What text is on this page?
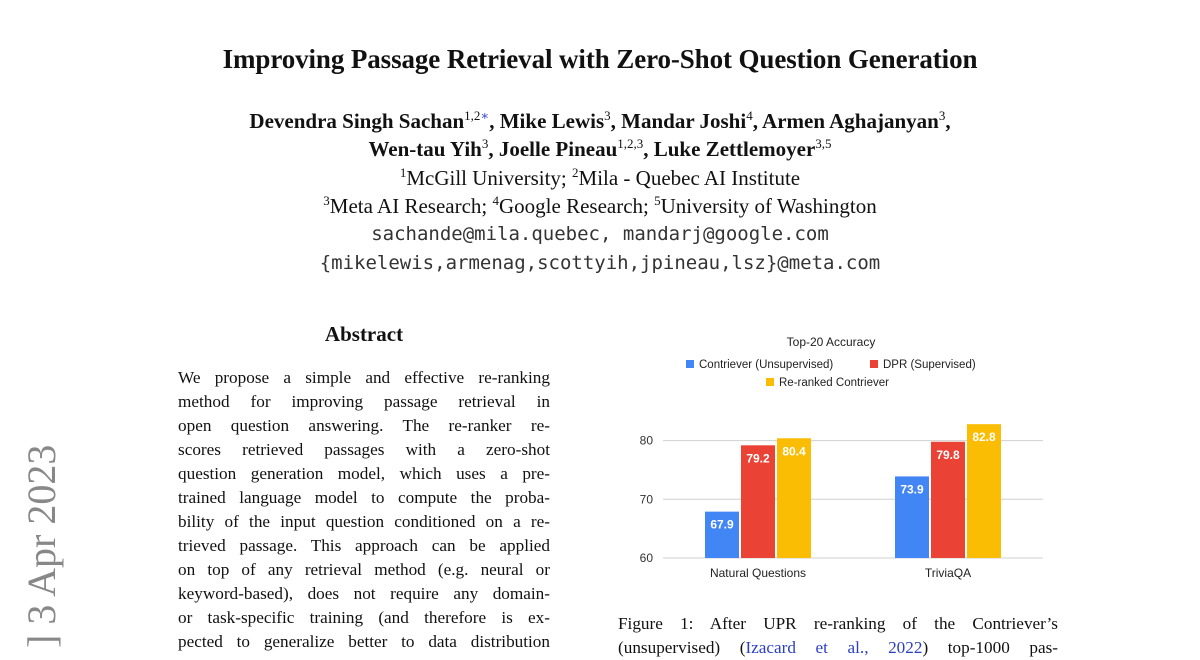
Improving Passage Retrieval with Zero-Shot Question Generation
Devendra Singh Sachan$^{1,2∗}$, Mike Lewis$^3$, Mandar Joshi$^4$, Armen Aghajanyan$^3$,
Wen-tau Yih$^3$, Joelle Pineau$^{1,2,3}$, Luke Zettlemoyer$^{3,5}$
$^1$McGill University; $^2$Mila - Quebec AI Institute
$^3$Meta AI Research; $^4$Google Research; $^5$University of Washington
sachande@mila.quebec, mandarj@google.com
{mikelewis,armenag,scottyih,jpineau,lsz}@meta.com
] 3 Apr 2023
Abstract
We propose a simple and effective re-ranking
method for improving passage retrieval in
open question answering. The re-ranker re-
scores retrieved passages with a zero-shot
question generation model, which uses a pre-
trained language model to compute the proba-
bility of the input question conditioned on a re-
trieved passage. This approach can be applied
on top of any retrieval method (e.g. neural or
keyword-based), does not require any domain-
or task-specific training (and therefore is ex-
pected to generalize better to data distribution
Top-20 Accuracy
Contriever (Unsupervised)	DPR (Supervised)
Re-ranked Contriever
60
70
80
67.9
79.2
80.4
Natural Questions
73.9
79.8
82.8
TriviaQA
Figure 1: After UPR re-ranking of the Contriever’s
(unsupervised) (Izacard et al., 2022) top-1000 pas-
